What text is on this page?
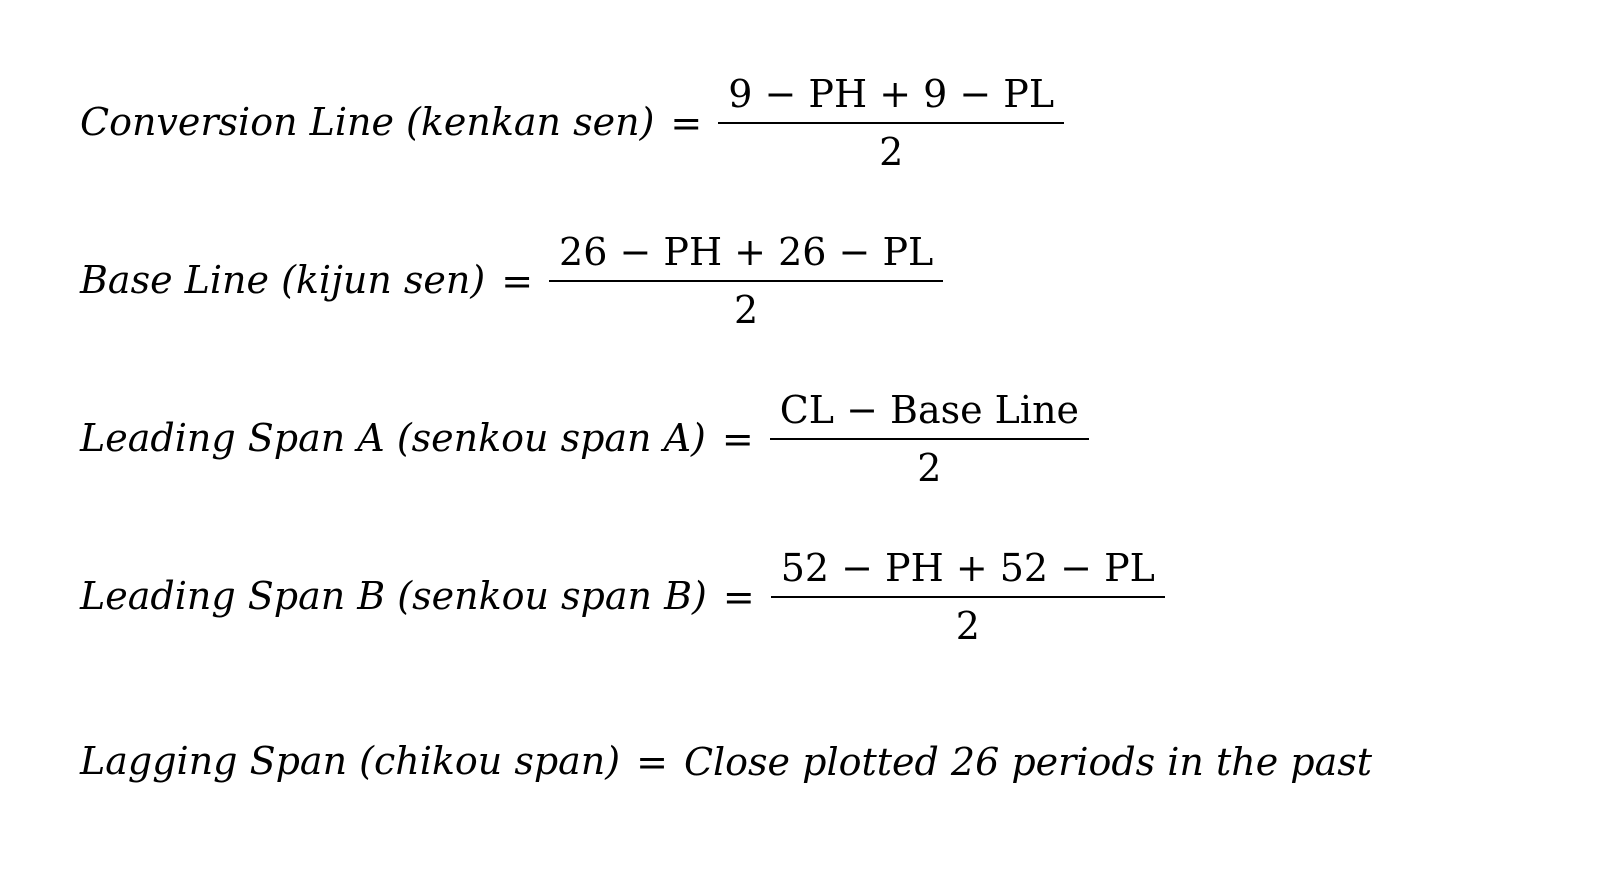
Conversion Line (kenkan $sen) = \frac{9 - PH + 9 - PL}{2}$
Base Line (kijun $sen) = \frac{26 - PH + 26 - PL}{2}$
Leading Span A (senkou span $A) = \frac{\text{CL − Base Line}}{2}$
Leading Span B (senkou span $B) = \frac{52 - PH + 52 - PL}{2}$
Lagging Span (chikou span) = Close plotted 26 periods in the past
